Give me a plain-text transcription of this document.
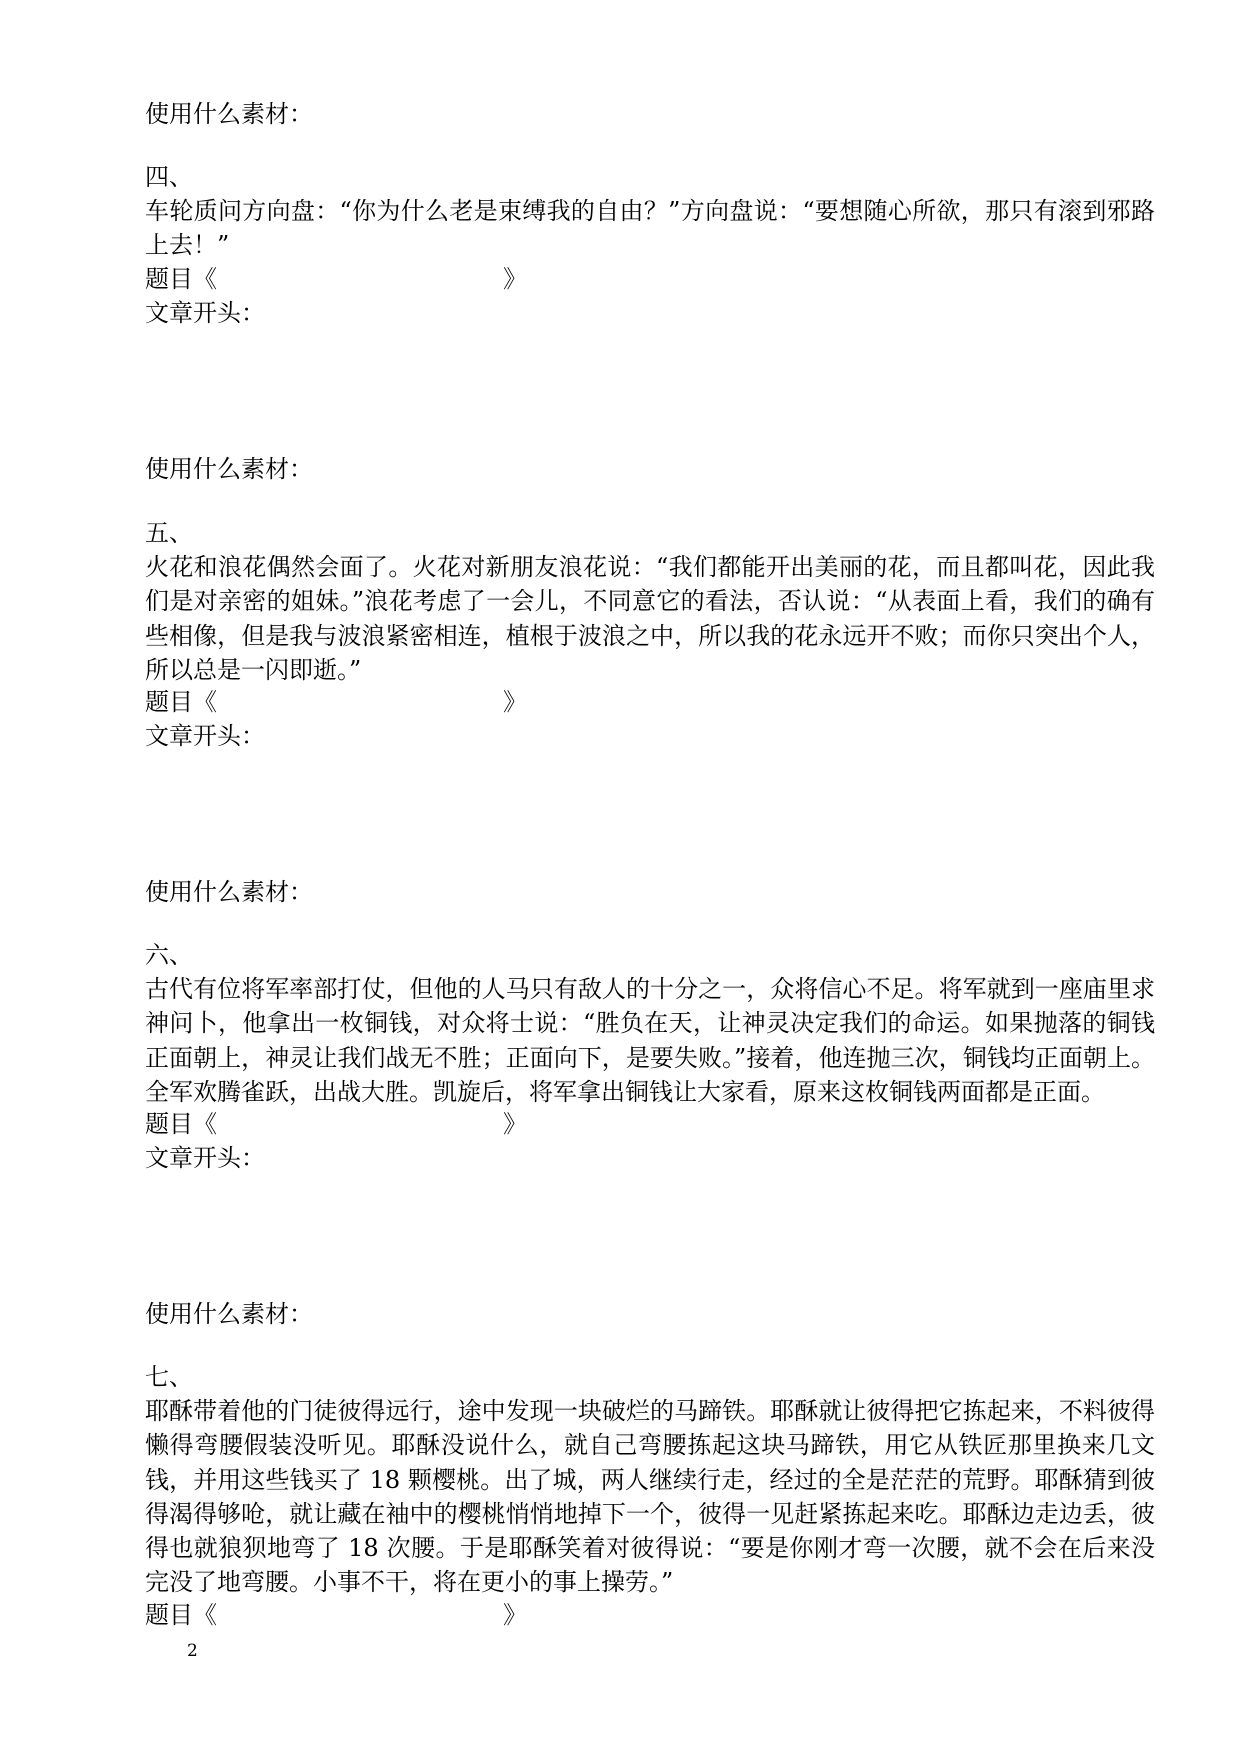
使用什么素材：
四、
车轮质问方向盘：“你为什么老是束缚我的自由？”方向盘说：“要想随心所欲，那只有滚到邪路上去！”
题目《	》
文章开头：
使用什么素材：
五、
火花和浪花偶然会面了。火花对新朋友浪花说：“我们都能开出美丽的花，而且都叫花，因此我们是对亲密的姐妹。”浪花考虑了一会儿，不同意它的看法，否认说：“从表面上看，我们的确有些相像，但是我与波浪紧密相连，植根于波浪之中，所以我的花永远开不败；而你只突出个人，所以总是一闪即逝。”
题目《	》
文章开头：
使用什么素材：
六、
古代有位将军率部打仗，但他的人马只有敌人的十分之一，众将信心不足。将军就到一座庙里求神问卜，他拿出一枚铜钱，对众将士说：“胜负在天，让神灵决定我们的命运。如果抛落的铜钱正面朝上，神灵让我们战无不胜；正面向下，是要失败。”接着，他连抛三次，铜钱均正面朝上。全军欢腾雀跃，出战大胜。凯旋后，将军拿出铜钱让大家看，原来这枚铜钱两面都是正面。
题目《	》
文章开头：
使用什么素材：
七、
耶酥带着他的门徒彼得远行，途中发现一块破烂的马蹄铁。耶酥就让彼得把它拣起来，不料彼得懒得弯腰假装没听见。耶酥没说什么，就自己弯腰拣起这块马蹄铁，用它从铁匠那里换来几文钱，并用这些钱买了 18 颗樱桃。出了城，两人继续行走，经过的全是茫茫的荒野。耶酥猜到彼得渴得够呛，就让藏在袖中的樱桃悄悄地掉下一个，彼得一见赶紧拣起来吃。耶酥边走边丢，彼得也就狼狈地弯了 18 次腰。于是耶酥笑着对彼得说：“要是你刚才弯一次腰，就不会在后来没完没了地弯腰。小事不干，将在更小的事上操劳。”
题目《	》
2
